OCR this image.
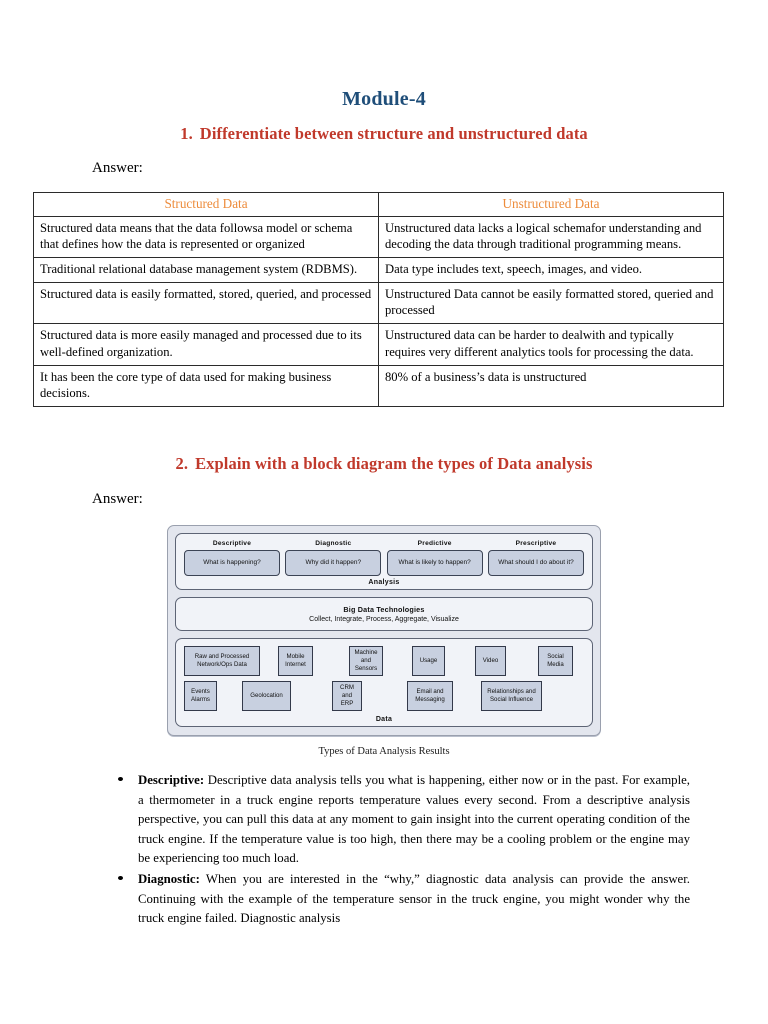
Module-4
1. Differentiate between structure and unstructured data

Answer:

Structured Data	Unstructured Data
Structured data means that the data followsa model or schema that defines how the data is represented or organized	Unstructured data lacks a logical schemafor understanding and decoding the data through traditional programming means.
Traditional relational database management system (RDBMS).	Data type includes text, speech, images, and video.
Structured data is easily formatted, stored, queried, and processed	Unstructured Data cannot be easily formatted stored, queried and processed
Structured data is more easily managed and processed due to its well-defined organization.	Unstructured data can be harder to dealwith and typically requires very different analytics tools for processing the data.
It has been the core type of data used for making business decisions.	80% of a business’s data is unstructured
2. Explain with a block diagram the types of Data analysis

Answer:

Descriptive
What is happening?
Diagnostic
Why did it happen?
Predictive
What is likely to happen?
Prescriptive
What should I do about it?
Analysis
Big Data Technologies
Collect, Integrate, Process, Aggregate, Visualize
Raw and Processed Network/Ops Data
Mobile Internet
Machine and Sensors
Usage	Video
Social Media
Events Alarms
Geolocation
CRM and ERP
Email and Messaging
Relationships and Social Influence
Data

Types of Data Analysis Results

Descriptive: Descriptive data analysis tells you what is happening, either now or in the past. For example, a thermometer in a truck engine reports temperature values every second. From a descriptive analysis perspective, you can pull this data at any moment to gain insight into the current operating condition of the truck engine. If the temperature value is too high, then there may be a cooling problem or the engine may be experiencing too much load.
Diagnostic: When you are interested in the “why,” diagnostic data analysis can provide the answer. Continuing with the example of the temperature sensor in the truck engine, you might wonder why the truck engine failed. Diagnostic analysis
